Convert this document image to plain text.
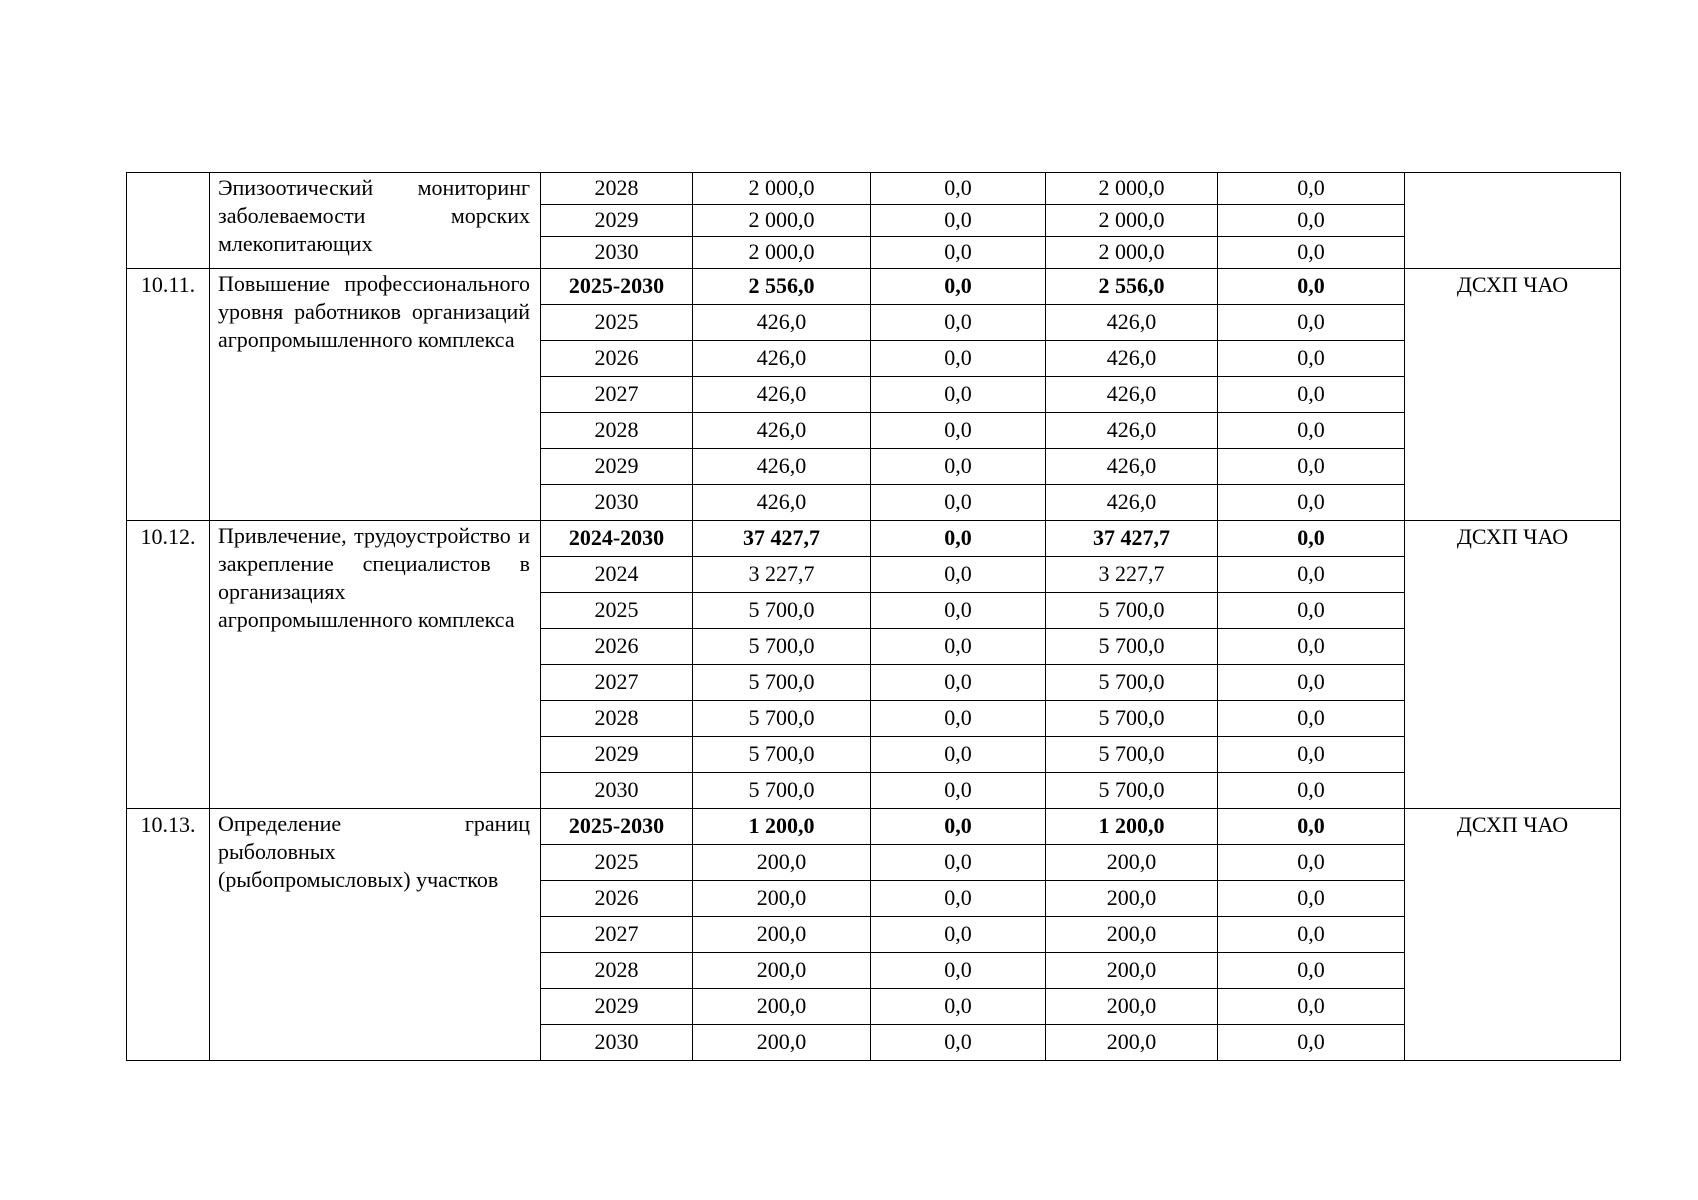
	Эпизоотический мониторинг заболеваемости морских млекопитающих	2028	2 000,0	0,0	2 000,0	0,0	
		2029	2 000,0	0,0	2 000,0	0,0	
		2030	2 000,0	0,0	2 000,0	0,0	
10.11.	Повышение профессионального уровня работников организаций агропромышленного комплекса	2025-2030	2 556,0	0,0	2 556,0	0,0	ДСХП ЧАО
		2025	426,0	0,0	426,0	0,0	
		2026	426,0	0,0	426,0	0,0	
		2027	426,0	0,0	426,0	0,0	
		2028	426,0	0,0	426,0	0,0	
		2029	426,0	0,0	426,0	0,0	
		2030	426,0	0,0	426,0	0,0	
10.12.	Привлечение, трудоустройство и закрепление специалистов в организациях агропромышленного комплекса	2024-2030	37 427,7	0,0	37 427,7	0,0	ДСХП ЧАО
		2024	3 227,7	0,0	3 227,7	0,0	
		2025	5 700,0	0,0	5 700,0	0,0	
		2026	5 700,0	0,0	5 700,0	0,0	
		2027	5 700,0	0,0	5 700,0	0,0	
		2028	5 700,0	0,0	5 700,0	0,0	
		2029	5 700,0	0,0	5 700,0	0,0	
		2030	5 700,0	0,0	5 700,0	0,0	
10.13.	Определение границ рыболовных (рыбопромысловых) участков	2025-2030	1 200,0	0,0	1 200,0	0,0	ДСХП ЧАО
		2025	200,0	0,0	200,0	0,0	
		2026	200,0	0,0	200,0	0,0	
		2027	200,0	0,0	200,0	0,0	
		2028	200,0	0,0	200,0	0,0	
		2029	200,0	0,0	200,0	0,0	
		2030	200,0	0,0	200,0	0,0	
